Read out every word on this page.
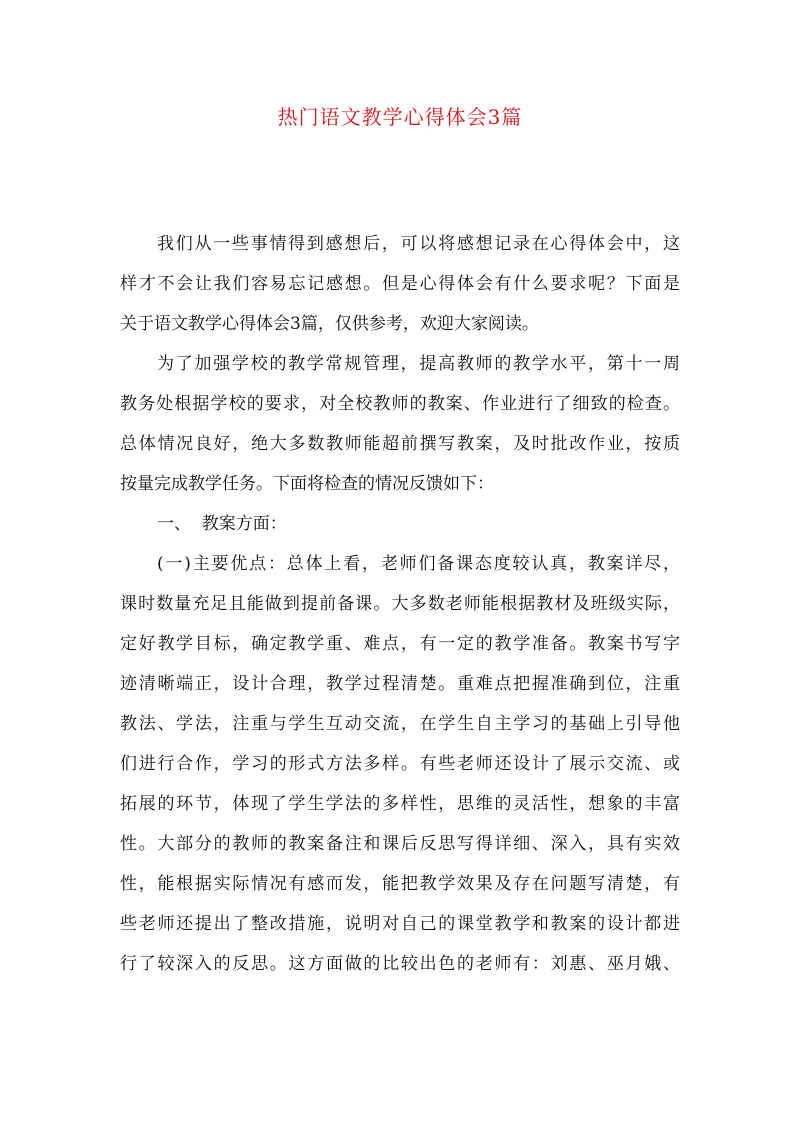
热门语文教学心得体会3篇

我们从一些事情得到感想后，可以将感想记录在心得体会中，这

样才不会让我们容易忘记感想。但是心得体会有什么要求呢？下面是

关于语文教学心得体会3篇，仅供参考，欢迎大家阅读。

为了加强学校的教学常规管理，提高教师的教学水平，第十一周

教务处根据学校的要求，对全校教师的教案、作业进行了细致的检查。

总体情况良好，绝大多数教师能超前撰写教案，及时批改作业，按质

按量完成教学任务。下面将检查的情况反馈如下：

一、  教案方面：

(一)主要优点：总体上看，老师们备课态度较认真，教案详尽，

课时数量充足且能做到提前备课。大多数老师能根据教材及班级实际，

定好教学目标，确定教学重、难点，有一定的教学准备。教案书写字

迹清晰端正，设计合理，教学过程清楚。重难点把握准确到位，注重

教法、学法，注重与学生互动交流，在学生自主学习的基础上引导他

们进行合作，学习的形式方法多样。有些老师还设计了展示交流、或

拓展的环节，体现了学生学法的多样性，思维的灵活性，想象的丰富

性。大部分的教师的教案备注和课后反思写得详细、深入，具有实效

性，能根据实际情况有感而发，能把教学效果及存在问题写清楚，有

些老师还提出了整改措施，说明对自己的课堂教学和教案的设计都进

行了较深入的反思。这方面做的比较出色的老师有：刘惠、巫月娥、
